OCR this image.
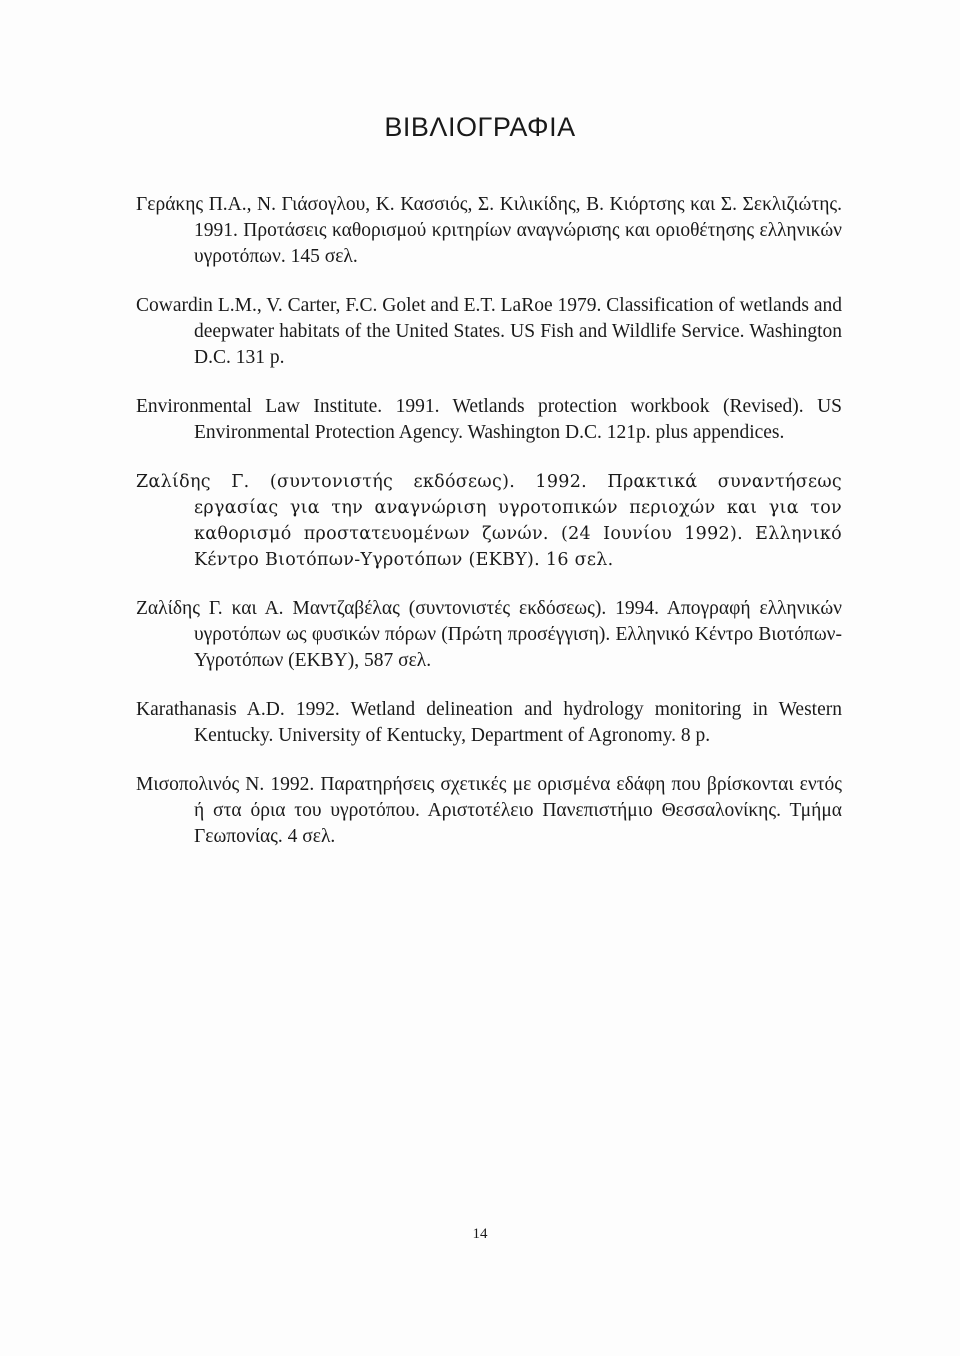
ΒΙΒΛΙΟΓΡΑΦΙΑ

Γεράκης Π.Α., Ν. Γιάσογλου, Κ. Κασσιός, Σ. Κιλικίδης, Β. Κιόρτσης και Σ. Σεκλιζιώτης. 1991. Προτάσεις καθορισμού κριτηρίων αναγνώρισης και οριοθέτησης ελληνικών υγροτόπων. 145 σελ.

Cowardin L.M., V. Carter, F.C. Golet and E.T. LaRoe 1979. Classification of wetlands and deepwater habitats of the United States. US Fish and Wildlife Service. Washington D.C. 131 p.

Environmental Law Institute. 1991. Wetlands protection workbook (Revised). US Environmental Protection Agency. Washington D.C. 121p. plus appendices.

Ζαλίδης Γ. (συντονιστής εκδόσεως). 1992. Πρακτικά συναντήσεως εργασίας για την αναγνώριση υγροτοπικών περιοχών και για τον καθορισμό προστατευομένων ζωνών. (24 Ιουνίου 1992). Ελληνικό Κέντρο Βιοτόπων-Υγροτόπων (ΕΚΒΥ). 16 σελ.

Ζαλίδης Γ. και Α. Μαντζαβέλας (συντονιστές εκδόσεως). 1994. Απογραφή ελληνικών υγροτόπων ως φυσικών πόρων (Πρώτη προσέγγιση). Ελληνικό Κέντρο Βιοτόπων-Υγροτόπων (ΕΚΒΥ), 587 σελ.

Karathanasis A.D. 1992. Wetland delineation and hydrology monitoring in Western Kentucky. University of Kentucky, Department of Agronomy. 8 p.

Μισοπολινός Ν. 1992. Παρατηρήσεις σχετικές με ορισμένα εδάφη που βρίσκονται εντός ή στα όρια του υγροτόπου. Αριστοτέλειο Πανεπιστήμιο Θεσσαλονίκης. Τμήμα Γεωπονίας. 4 σελ.

14
